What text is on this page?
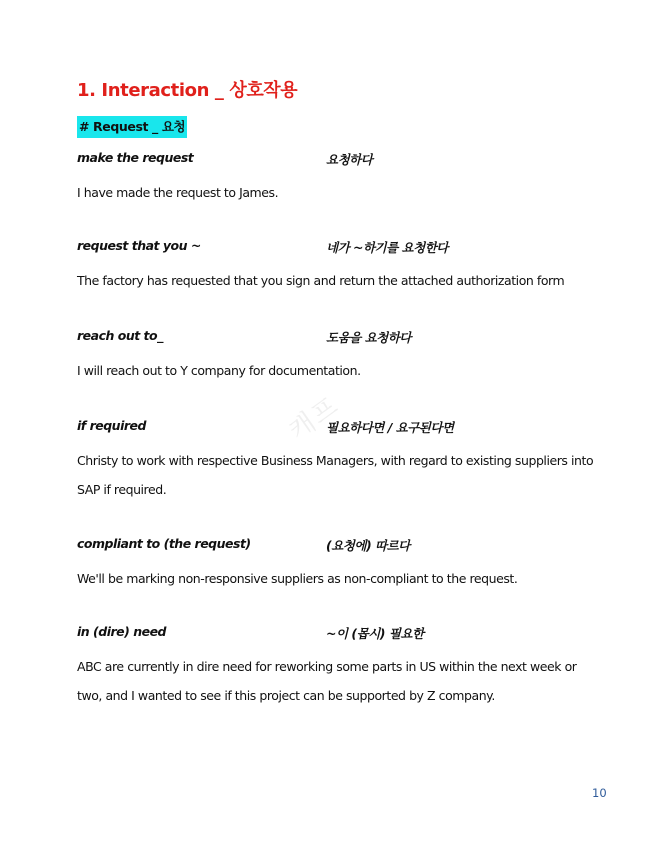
1. Interaction _ 상호작용
# Request _ 요청
make the request	요청하다
I have made the request to James.
request that you ~	네가 ~하기를 요청한다
The factory has requested that you sign and return the attached authorization form
reach out to_	도움을 요청하다
I will reach out to Y company for documentation.
if required	필요하다면 / 요구된다면
Christy to work with respective Business Managers, with regard to existing suppliers into SAP if required.
compliant to (the request)	(요청에) 따르다
We'll be marking non-responsive suppliers as non-compliant to the request.
in (dire) need	~이 (몹시) 필요한
ABC are currently in dire need for reworking some parts in US within the next week or two, and I wanted to see if this project can be supported by Z company.
캐프
10
